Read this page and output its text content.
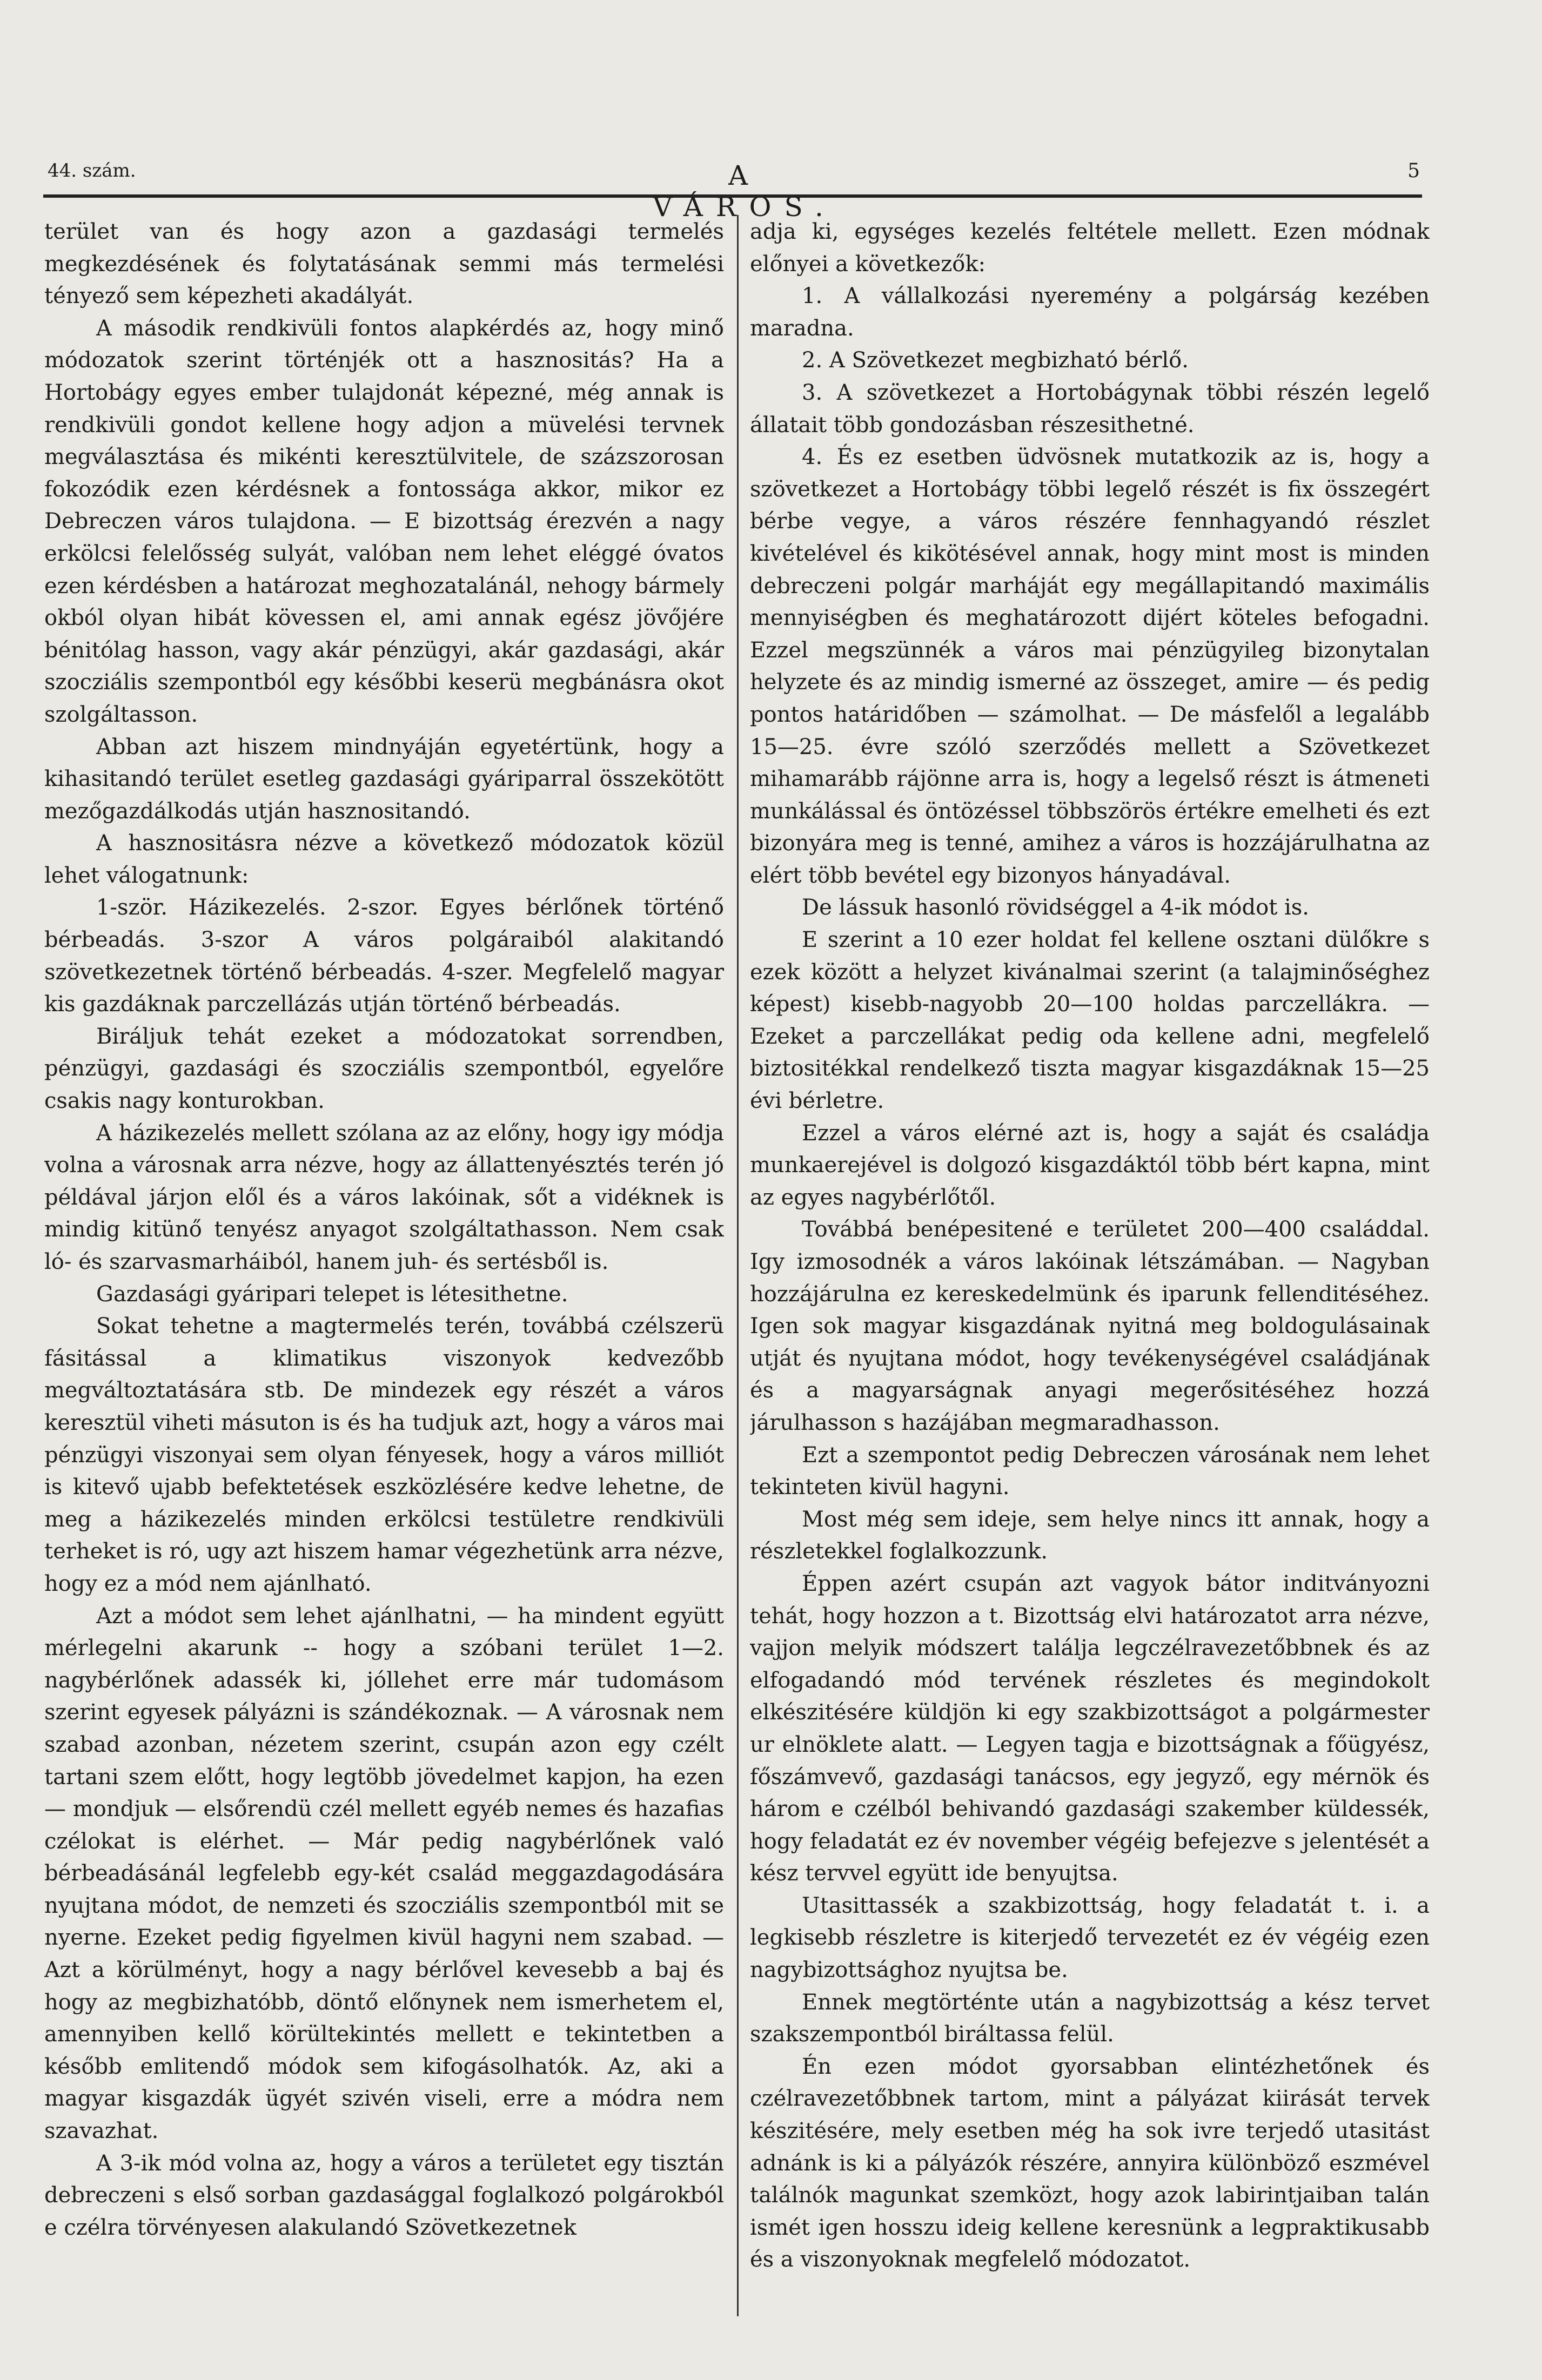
44. szám.	A VÁROS.
5

terület van és hogy azon a gazdasági termelés megkezdésének és folytatásának semmi más termelési tényező sem képezheti akadályát.

A második rendkivüli fontos alapkérdés az, hogy minő módozatok szerint történjék ott a hasznositás? Ha a Hortobágy egyes ember tulajdonát képezné, még annak is rendkivüli gondot kellene hogy adjon a müvelési tervnek megválasztása és mikénti keresztülvitele, de százszorosan fokozódik ezen kérdésnek a fontossága akkor, mikor ez Debreczen város tulajdona. — E bizottság érezvén a nagy erkölcsi felelősség sulyát, valóban nem lehet eléggé óvatos ezen kérdésben a határozat meghozatalánál, nehogy bármely okból olyan hibát kövessen el, ami annak egész jövőjére bénitólag hasson, vagy akár pénzügyi, akár gazdasági, akár szocziális szempontból egy későbbi keserü megbánásra okot szolgáltasson.

Abban azt hiszem mindnyáján egyetértünk, hogy a kihasitandó terület esetleg gazdasági gyáriparral összekötött mezőgazdálkodás utján hasznositandó.

A hasznositásra nézve a következő módozatok közül lehet válogatnunk:

1-ször. Házikezelés. 2-szor. Egyes bérlőnek történő bérbeadás. 3-szor A város polgáraiból alakitandó szövetkezetnek történő bérbeadás. 4-szer. Megfelelő magyar kis gazdáknak parczellázás utján történő bérbeadás.

Biráljuk tehát ezeket a módozatokat sorrendben, pénzügyi, gazdasági és szocziális szempontból, egyelőre csakis nagy konturokban.

A házikezelés mellett szólana az az előny, hogy igy módja volna a városnak arra nézve, hogy az állattenyésztés terén jó példával járjon elől és a város lakóinak, sőt a vidéknek is mindig kitünő tenyész anyagot szolgáltathasson. Nem csak ló- és szarvasmarháiból, hanem juh- és sertésből is.

Gazdasági gyáripari telepet is létesithetne.

Sokat tehetne a magtermelés terén, továbbá czélszerü fásitással a klimatikus viszonyok kedvezőbb megváltoztatására stb. De mindezek egy részét a város keresztül viheti másuton is és ha tudjuk azt, hogy a város mai pénzügyi viszonyai sem olyan fényesek, hogy a város milliót is kitevő ujabb befektetések eszközlésére kedve lehetne, de meg a házikezelés minden erkölcsi testületre rendkivüli terheket is ró, ugy azt hiszem hamar végezhetünk arra nézve, hogy ez a mód nem ajánlható.

Azt a módot sem lehet ajánlhatni, — ha mindent együtt mérlegelni akarunk -- hogy a szóbani terület 1—2. nagybérlőnek adassék ki, jóllehet erre már tudomásom szerint egyesek pályázni is szándékoznak. — A városnak nem szabad azonban, nézetem szerint, csupán azon egy czélt tartani szem előtt, hogy legtöbb jövedelmet kapjon, ha ezen — mondjuk — elsőrendü czél mellett egyéb nemes és hazafias czélokat is elérhet. — Már pedig nagybérlőnek való bérbeadásánál legfelebb egy-két család meggazdagodására nyujtana módot, de nemzeti és szocziális szempontból mit se nyerne. Ezeket pedig figyelmen kivül hagyni nem szabad. — Azt a körülményt, hogy a nagy bérlővel kevesebb a baj és hogy az megbizhatóbb, döntő előnynek nem ismerhetem el, amennyiben kellő körültekintés mellett e tekintetben a később emlitendő módok sem kifogásolhatók. Az, aki a magyar kisgazdák ügyét szivén viseli, erre a módra nem szavazhat.

A 3-ik mód volna az, hogy a város a területet egy tisztán debreczeni s első sorban gazdasággal foglalkozó polgárokból e czélra törvényesen alakulandó Szövetkezetnek

adja ki, egységes kezelés feltétele mellett. Ezen módnak előnyei a következők:

1. A vállalkozási nyeremény a polgárság kezében maradna.

2. A Szövetkezet megbizható bérlő.

3. A szövetkezet a Hortobágynak többi részén legelő állatait több gondozásban részesithetné.

4. És ez esetben üdvösnek mutatkozik az is, hogy a szövetkezet a Hortobágy többi legelő részét is fix összegért bérbe vegye, a város részére fennhagyandó részlet kivételével és kikötésével annak, hogy mint most is minden debreczeni polgár marháját egy megállapitandó maximális mennyiségben és meghatározott dijért köteles befogadni. Ezzel megszünnék a város mai pénzügyileg bizonytalan helyzete és az mindig ismerné az összeget, amire — és pedig pontos határidőben — számolhat. — De másfelől a legalább 15—25. évre szóló szerződés mellett a Szövetkezet mihamarább rájönne arra is, hogy a legelső részt is átmeneti munkálással és öntözéssel többszörös értékre emelheti és ezt bizonyára meg is tenné, amihez a város is hozzájárulhatna az elért több bevétel egy bizonyos hányadával.

De lássuk hasonló rövidséggel a 4-ik módot is.

E szerint a 10 ezer holdat fel kellene osztani dülőkre s ezek között a helyzet kivánalmai szerint (a talajminőséghez képest) kisebb-nagyobb 20—100 holdas parczellákra. — Ezeket a parczellákat pedig oda kellene adni, megfelelő biztositékkal rendelkező tiszta magyar kisgazdáknak 15—25 évi bérletre.

Ezzel a város elérné azt is, hogy a saját és családja munkaerejével is dolgozó kisgazdáktól több bért kapna, mint az egyes nagybérlőtől.

Továbbá benépesitené e területet 200—400 családdal. Igy izmosodnék a város lakóinak létszámában. — Nagyban hozzájárulna ez kereskedelmünk és iparunk fellenditéséhez. Igen sok magyar kisgazdának nyitná meg boldogulásainak utját és nyujtana módot, hogy tevékenységével családjának és a magyarságnak anyagi megerősitéséhez hozzá járulhasson s hazájában megmaradhasson.

Ezt a szempontot pedig Debreczen városának nem lehet tekinteten kivül hagyni.

Most még sem ideje, sem helye nincs itt annak, hogy a részletekkel foglalkozzunk.

Éppen azért csupán azt vagyok bátor inditványozni tehát, hogy hozzon a t. Bizottság elvi határozatot arra nézve, vajjon melyik módszert találja legczélravezetőbbnek és az elfogadandó mód tervének részletes és megindokolt elkészitésére küldjön ki egy szakbizottságot a polgármester ur elnöklete alatt. — Legyen tagja e bizottságnak a főügyész, főszámvevő, gazdasági tanácsos, egy jegyző, egy mérnök és három e czélból behivandó gazdasági szakember küldessék, hogy feladatát ez év november végéig befejezve s jelentését a kész tervvel együtt ide benyujtsa.

Utasittassék a szakbizottság, hogy feladatát t. i. a legkisebb részletre is kiterjedő tervezetét ez év végéig ezen nagybizottsághoz nyujtsa be.

Ennek megtörténte után a nagybizottság a kész tervet szakszempontból biráltassa felül.

Én ezen módot gyorsabban elintézhetőnek és czélravezetőbbnek tartom, mint a pályázat kiirását tervek készitésére, mely esetben még ha sok ivre terjedő utasitást adnánk is ki a pályázók részére, annyira különböző eszmével találnók magunkat szemközt, hogy azok labirintjaiban talán ismét igen hosszu ideig kellene keresnünk a legpraktikusabb és a viszonyoknak megfelelő módozatot.
